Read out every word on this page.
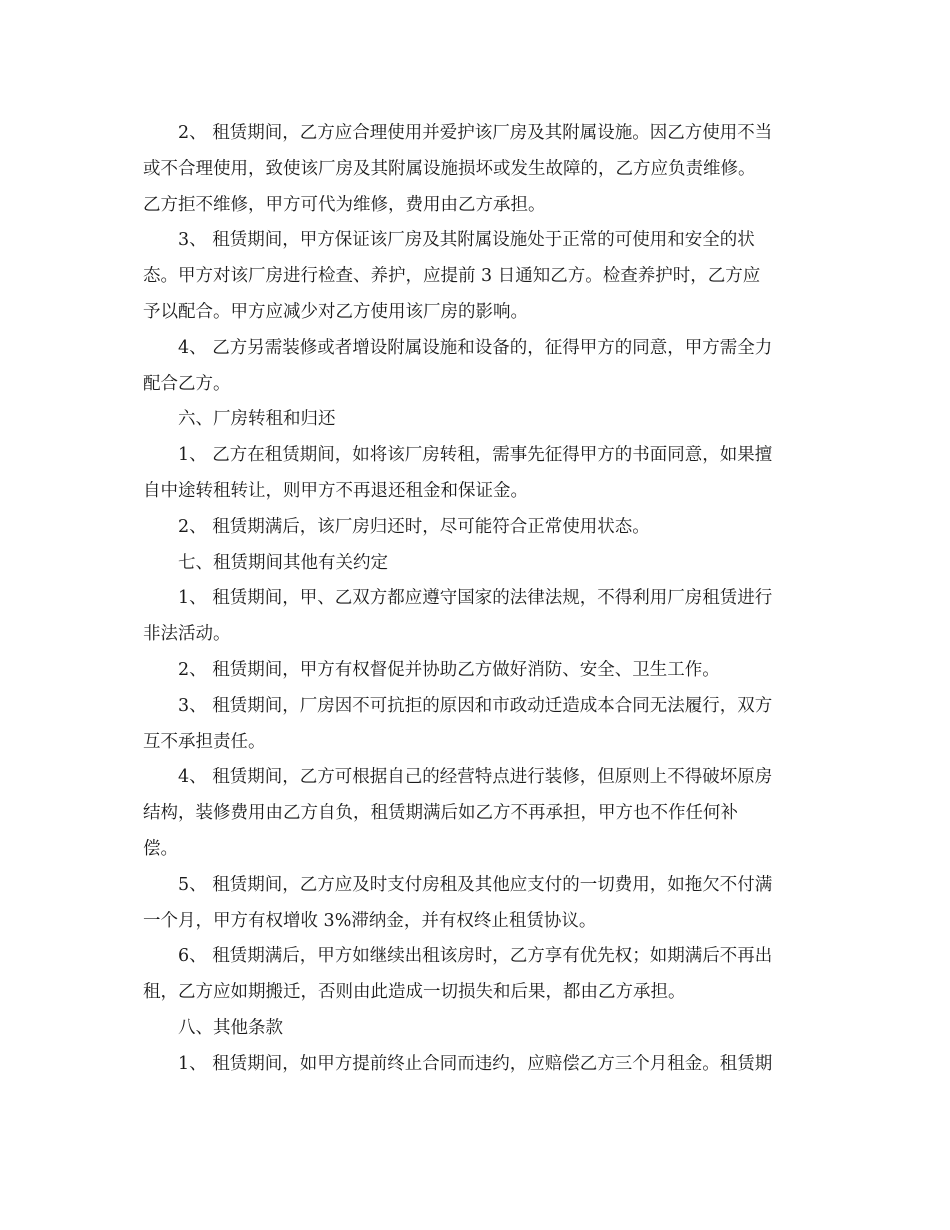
2、 租赁期间，乙方应合理使用并爱护该厂房及其附属设施。因乙方使用不当
或不合理使用，致使该厂房及其附属设施损坏或发生故障的，乙方应负责维修。
乙方拒不维修，甲方可代为维修，费用由乙方承担。
3、 租赁期间，甲方保证该厂房及其附属设施处于正常的可使用和安全的状
态。甲方对该厂房进行检查、养护，应提前 3 日通知乙方。检查养护时，乙方应
予以配合。甲方应减少对乙方使用该厂房的影响。
4、 乙方另需装修或者增设附属设施和设备的，征得甲方的同意，甲方需全力
配合乙方。
六、厂房转租和归还
1、 乙方在租赁期间，如将该厂房转租，需事先征得甲方的书面同意，如果擅
自中途转租转让，则甲方不再退还租金和保证金。
2、 租赁期满后，该厂房归还时，尽可能符合正常使用状态。
七、租赁期间其他有关约定
1、 租赁期间，甲、乙双方都应遵守国家的法律法规，不得利用厂房租赁进行
非法活动。
2、 租赁期间，甲方有权督促并协助乙方做好消防、安全、卫生工作。
3、 租赁期间，厂房因不可抗拒的原因和市政动迁造成本合同无法履行，双方
互不承担责任。
4、 租赁期间，乙方可根据自己的经营特点进行装修，但原则上不得破坏原房
结构，装修费用由乙方自负，租赁期满后如乙方不再承担，甲方也不作任何补
偿。
5、 租赁期间，乙方应及时支付房租及其他应支付的一切费用，如拖欠不付满
一个月，甲方有权增收 3%滞纳金，并有权终止租赁协议。
6、 租赁期满后，甲方如继续出租该房时，乙方享有优先权；如期满后不再出
租，乙方应如期搬迁，否则由此造成一切损失和后果，都由乙方承担。
八、其他条款
1、 租赁期间，如甲方提前终止合同而违约，应赔偿乙方三个月租金。租赁期
